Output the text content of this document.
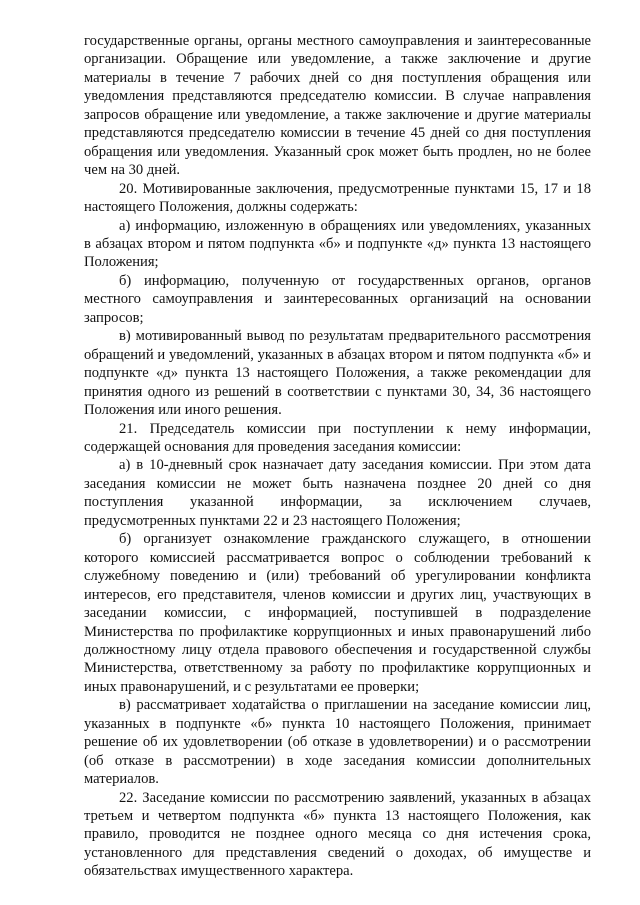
государственные органы, органы местного самоуправления и заинтересованные организации. Обращение или уведомление, а также заключение и другие материалы в течение 7 рабочих дней со дня поступления обращения или уведомления представляются председателю комиссии. В случае направления запросов обращение или уведомление, а также заключение и другие материалы представляются председателю комиссии в течение 45 дней со дня поступления обращения или уведомления. Указанный срок может быть продлен, но не более чем на 30 дней.

20. Мотивированные заключения, предусмотренные пунктами 15, 17 и 18 настоящего Положения, должны содержать:

а) информацию, изложенную в обращениях или уведомлениях, указанных в абзацах втором и пятом подпункта «б» и подпункте «д» пункта 13 настоящего Положения;

б) информацию, полученную от государственных органов, органов местного самоуправления и заинтересованных организаций на основании запросов;

в) мотивированный вывод по результатам предварительного рассмотрения обращений и уведомлений, указанных в абзацах втором и пятом подпункта «б» и подпункте «д» пункта 13 настоящего Положения, а также рекомендации для принятия одного из решений в соответствии с пунктами 30, 34, 36 настоящего Положения или иного решения.

21. Председатель комиссии при поступлении к нему информации, содержащей основания для проведения заседания комиссии:

а) в 10-дневный срок назначает дату заседания комиссии. При этом дата заседания комиссии не может быть назначена позднее 20 дней со дня поступления указанной информации, за исключением случаев, предусмотренных пунктами 22 и 23 настоящего Положения;

б) организует ознакомление гражданского служащего, в отношении которого комиссией рассматривается вопрос о соблюдении требований к служебному поведению и (или) требований об урегулировании конфликта интересов, его представителя, членов комиссии и других лиц, участвующих в заседании комиссии, с информацией, поступившей в подразделение Министерства по профилактике коррупционных и иных правонарушений либо должностному лицу отдела правового обеспечения и государственной службы Министерства, ответственному за работу по профилактике коррупционных и иных правонарушений, и с результатами ее проверки;

в) рассматривает ходатайства о приглашении на заседание комиссии лиц, указанных в подпункте «б» пункта 10 настоящего Положения, принимает решение об их удовлетворении (об отказе в удовлетворении) и о рассмотрении (об отказе в рассмотрении) в ходе заседания комиссии дополнительных материалов.

22. Заседание комиссии по рассмотрению заявлений, указанных в абзацах третьем и четвертом подпункта «б» пункта 13 настоящего Положения, как правило, проводится не позднее одного месяца со дня истечения срока, установленного для представления сведений о доходах, об имуществе и обязательствах имущественного характера.
